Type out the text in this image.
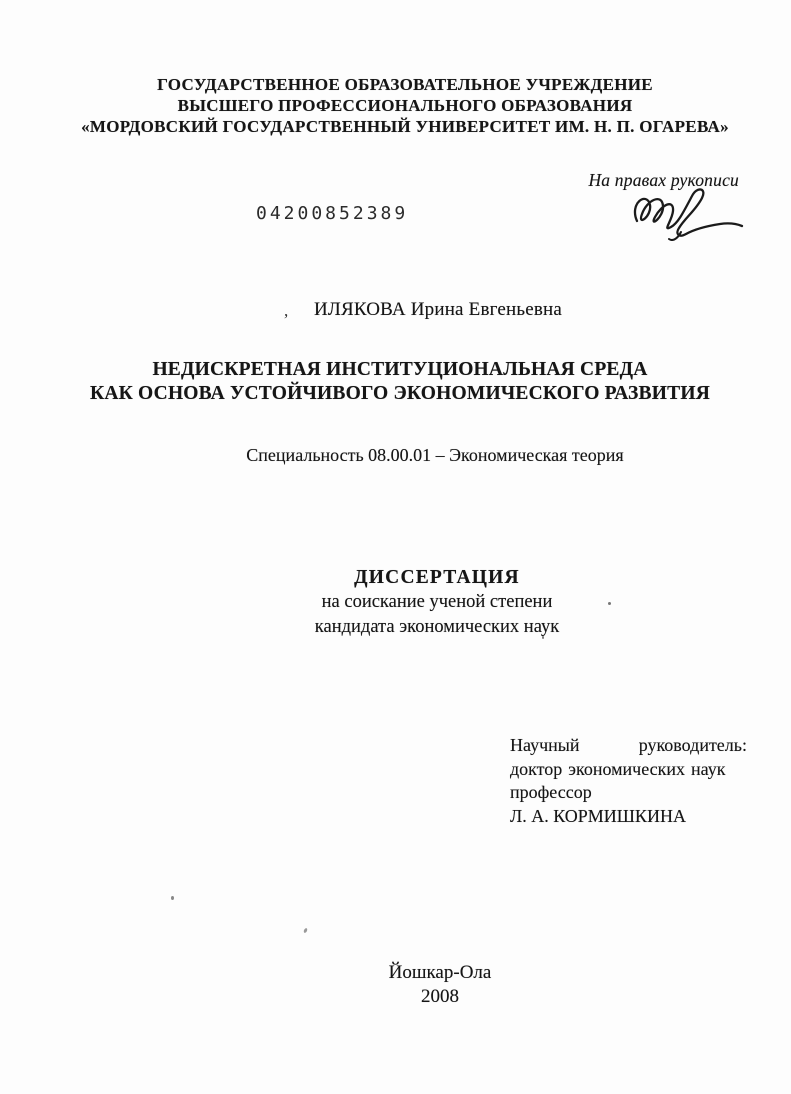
ГОСУДАРСТВЕННОЕ ОБРАЗОВАТЕЛЬНОЕ УЧРЕЖДЕНИЕ
ВЫСШЕГО ПРОФЕССИОНАЛЬНОГО ОБРАЗОВАНИЯ
«МОРДОВСКИЙ ГОСУДАРСТВЕННЫЙ УНИВЕРСИТЕТ ИМ. Н. П. ОГАРЕВА»
На правах рукописи
04200852389
,	ИЛЯКОВА Ирина Евгеньевна
НЕДИСКРЕТНАЯ ИНСТИТУЦИОНАЛЬНАЯ СРЕДА
КАК ОСНОВА УСТОЙЧИВОГО ЭКОНОМИЧЕСКОГО РАЗВИТИЯ
Специальность 08.00.01 – Экономическая теория
ДИССЕРТАЦИЯ
на соискание ученой степени
кандидата экономических наук
Научный	руководитель:
доктор экономических наук
профессор
Л. А. КОРМИШКИНА
Йошкар-Ола
2008
